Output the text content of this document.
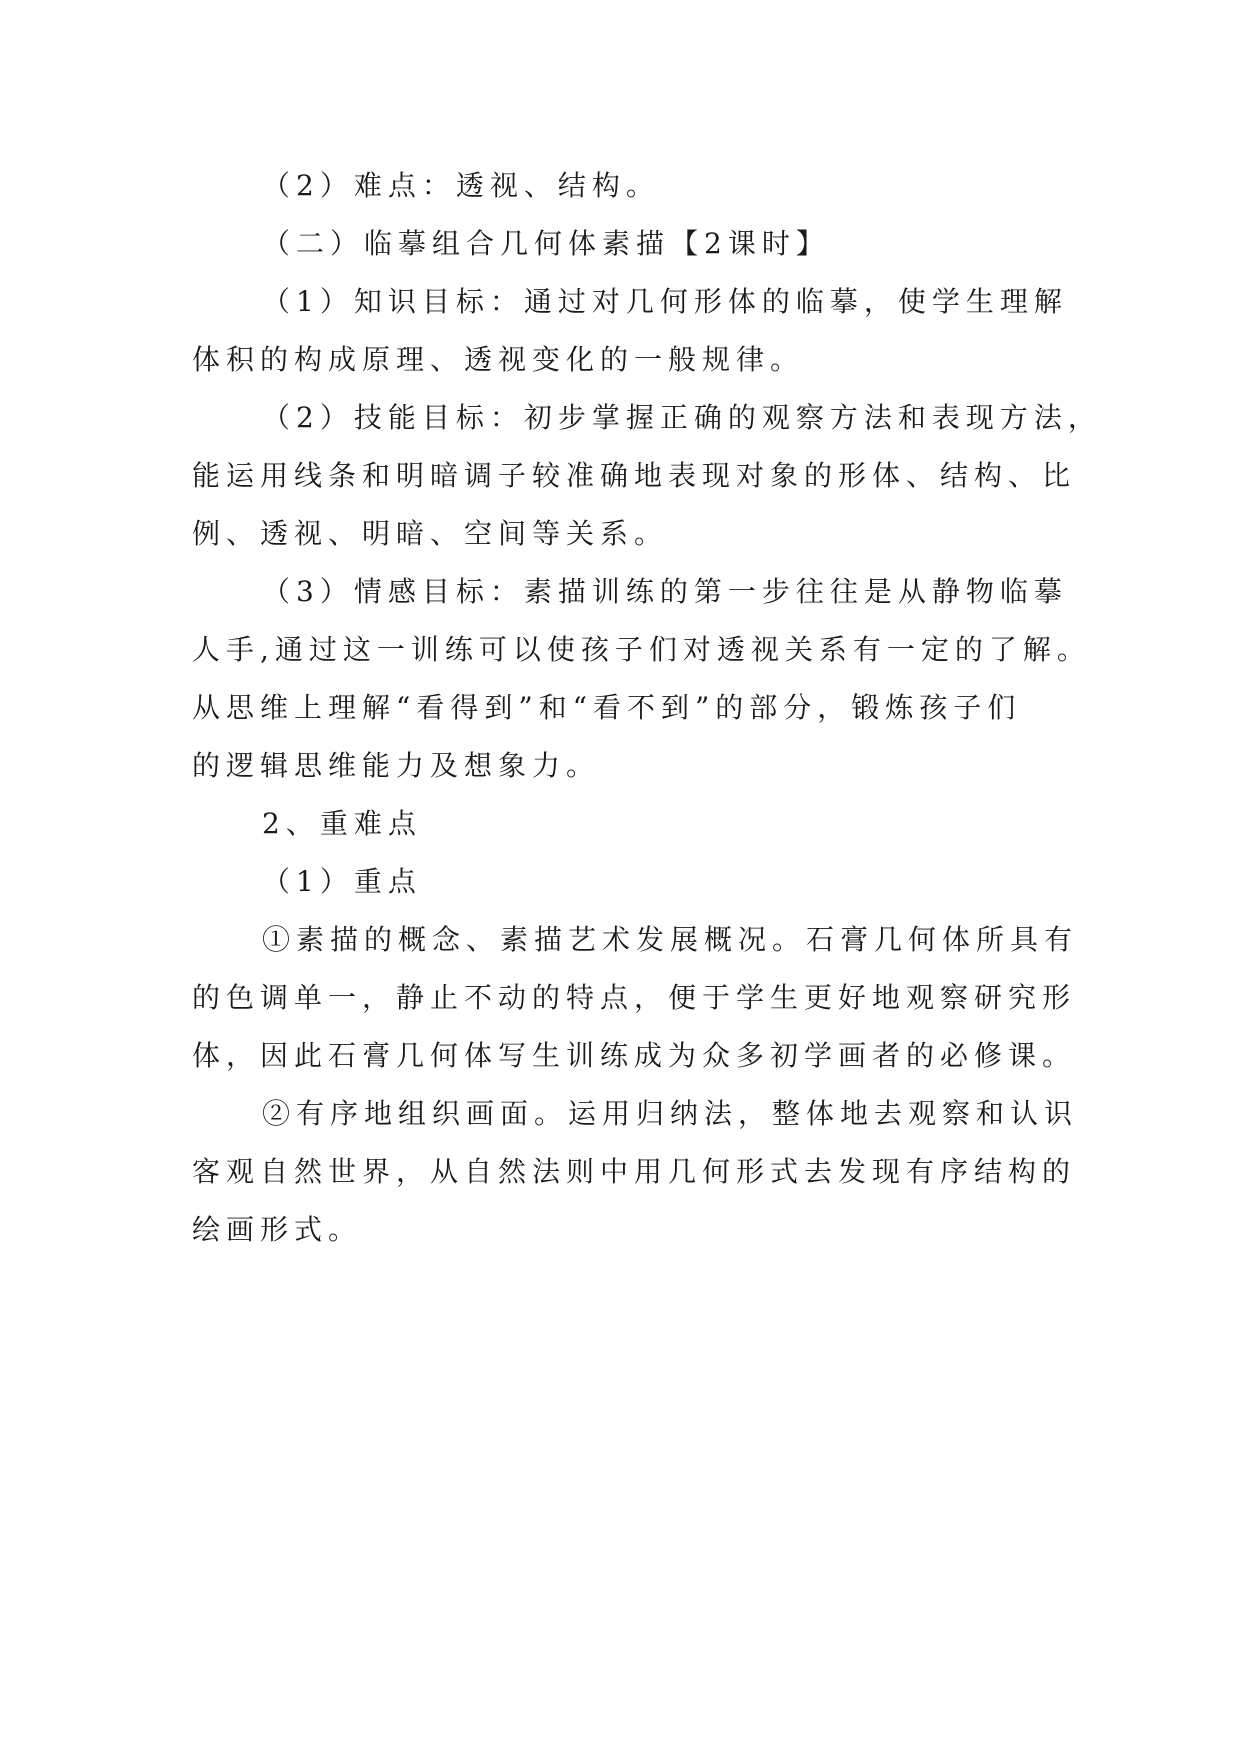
（2）难点：透视、结构。
（二）临摹组合几何体素描【2课时】
（1）知识目标：通过对几何形体的临摹，使学生理解
体积的构成原理、透视变化的一般规律。
（2）技能目标：初步掌握正确的观察方法和表现方法，
能运用线条和明暗调子较准确地表现对象的形体、结构、比
例、透视、明暗、空间等关系。
（3）情感目标：素描训练的第一步往往是从静物临摹
人手,通过这一训练可以使孩子们对透视关系有一定的了解。
从思维上理解“看得到”和“看不到”的部分，锻炼孩子们
的逻辑思维能力及想象力。
2、重难点
（1）重点
①素描的概念、素描艺术发展概况。石膏几何体所具有
的色调单一，静止不动的特点，便于学生更好地观察研究形
体，因此石膏几何体写生训练成为众多初学画者的必修课。
②有序地组织画面。运用归纳法，整体地去观察和认识
客观自然世界，从自然法则中用几何形式去发现有序结构的
绘画形式。
